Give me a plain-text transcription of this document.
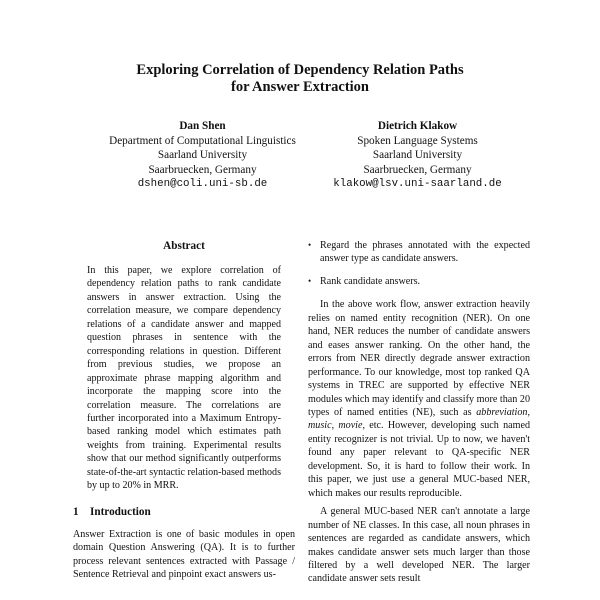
Exploring Correlation of Dependency Relation Paths
for Answer Extraction
Dan Shen
Department of Computational Linguistics
Saarland University
Saarbruecken, Germany
dshen@coli.uni-sb.de
Dietrich Klakow
Spoken Language Systems
Saarland University
Saarbruecken, Germany
klakow@lsv.uni-saarland.de
Abstract

In this paper, we explore correlation of dependency relation paths to rank candidate answers in answer extraction. Using the correlation measure, we compare dependency relations of a candidate answer and mapped question phrases in sentence with the corresponding relations in question. Different from previous studies, we propose an approximate phrase mapping algorithm and incorporate the mapping score into the correlation measure. The correlations are further incorporated into a Maximum Entropy-based ranking model which estimates path weights from training. Experimental results show that our method significantly outperforms state-of-the-art syntactic relation-based methods by up to 20% in MRR.

1 Introduction

Answer Extraction is one of basic modules in open domain Question Answering (QA). It is to further process relevant sentences extracted with Passage / Sentence Retrieval and pinpoint exact answers us-

• Regard the phrases annotated with the expected answer type as candidate answers.
• Rank candidate answers.

In the above work flow, answer extraction heavily relies on named entity recognition (NER). On one hand, NER reduces the number of candidate answers and eases answer ranking. On the other hand, the errors from NER directly degrade answer extraction performance. To our knowledge, most top ranked QA systems in TREC are supported by effective NER modules which may identify and classify more than 20 types of named entities (NE), such as abbreviation, music, movie, etc. However, developing such named entity recognizer is not trivial. Up to now, we haven't found any paper relevant to QA-specific NER development. So, it is hard to follow their work. In this paper, we just use a general MUC-based NER, which makes our results reproducible.

A general MUC-based NER can't annotate a large number of NE classes. In this case, all noun phrases in sentences are regarded as candidate answers, which makes candidate answer sets much larger than those filtered by a well developed NER. The larger candidate answer sets result
